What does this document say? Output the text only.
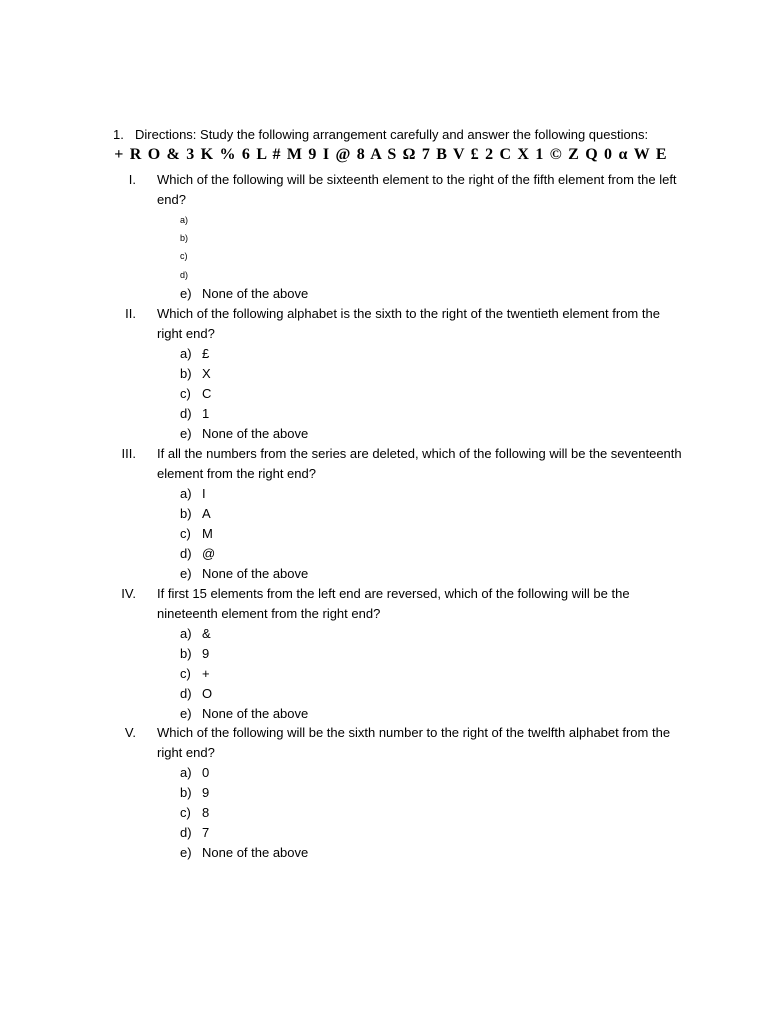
1. Directions: Study the following arrangement carefully and answer the following questions:
+ R O & 3 K % 6 L # M 9 I @ 8 A S Ω 7 B V £ 2 C X 1 © Z Q 0 α W E
I. Which of the following will be sixteenth element to the right of the fifth element from the left end?
a)
b)
c)
d)
e) None of the above
II. Which of the following alphabet is the sixth to the right of the twentieth element from the right end?
a) £
b) X
c) C
d) 1
e) None of the above
III. If all the numbers from the series are deleted, which of the following will be the seventeenth element from the right end?
a) I
b) A
c) M
d) @
e) None of the above
IV. If first 15 elements from the left end are reversed, which of the following will be the nineteenth element from the right end?
a) &
b) 9
c) +
d) O
e) None of the above
V. Which of the following will be the sixth number to the right of the twelfth alphabet from the right end?
a) 0
b) 9
c) 8
d) 7
e) None of the above
